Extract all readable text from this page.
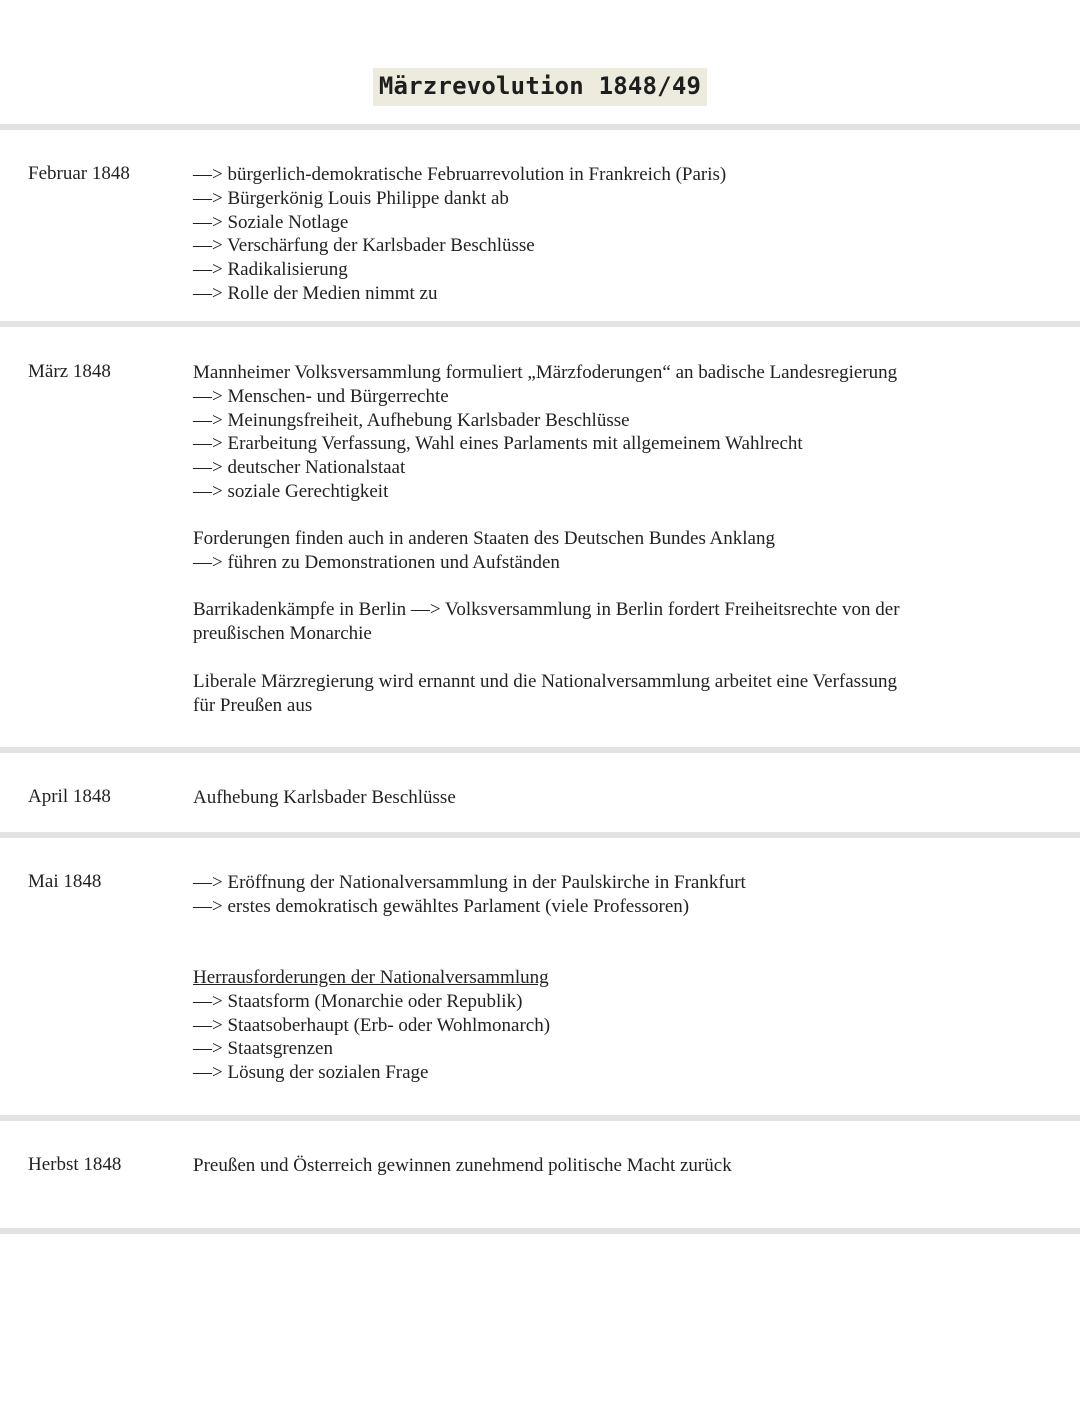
Märzrevolution 1848/49
Februar 1848	—> bürgerlich-demokratische Februarrevolution in Frankreich (Paris)
—> Bürgerkönig Louis Philippe dankt ab
—> Soziale Notlage
—> Verschärfung der Karlsbader Beschlüsse
—> Radikalisierung
—> Rolle der Medien nimmt zu
März 1848	Mannheimer Volksversammlung formuliert „Märzfoderungen“ an badische Landesregierung
—> Menschen- und Bürgerrechte
—> Meinungsfreiheit, Aufhebung Karlsbader Beschlüsse
—> Erarbeitung Verfassung, Wahl eines Parlaments mit allgemeinem Wahlrecht
—> deutscher Nationalstaat
—> soziale Gerechtigkeit
Forderungen finden auch in anderen Staaten des Deutschen Bundes Anklang
—> führen zu Demonstrationen und Aufständen
Barrikadenkämpfe in Berlin —> Volksversammlung in Berlin fordert Freiheitsrechte von der
preußischen Monarchie
Liberale Märzregierung wird ernannt und die Nationalversammlung arbeitet eine Verfassung
für Preußen aus
April 1848	Aufhebung Karlsbader Beschlüsse
Mai 1848	—> Eröffnung der Nationalversammlung in der Paulskirche in Frankfurt
—> erstes demokratisch gewähltes Parlament (viele Professoren)
Herrausforderungen der Nationalversammlung
—> Staatsform (Monarchie oder Republik)
—> Staatsoberhaupt (Erb- oder Wohlmonarch)
—> Staatsgrenzen
—> Lösung der sozialen Frage
Herbst 1848	Preußen und Österreich gewinnen zunehmend politische Macht zurück
